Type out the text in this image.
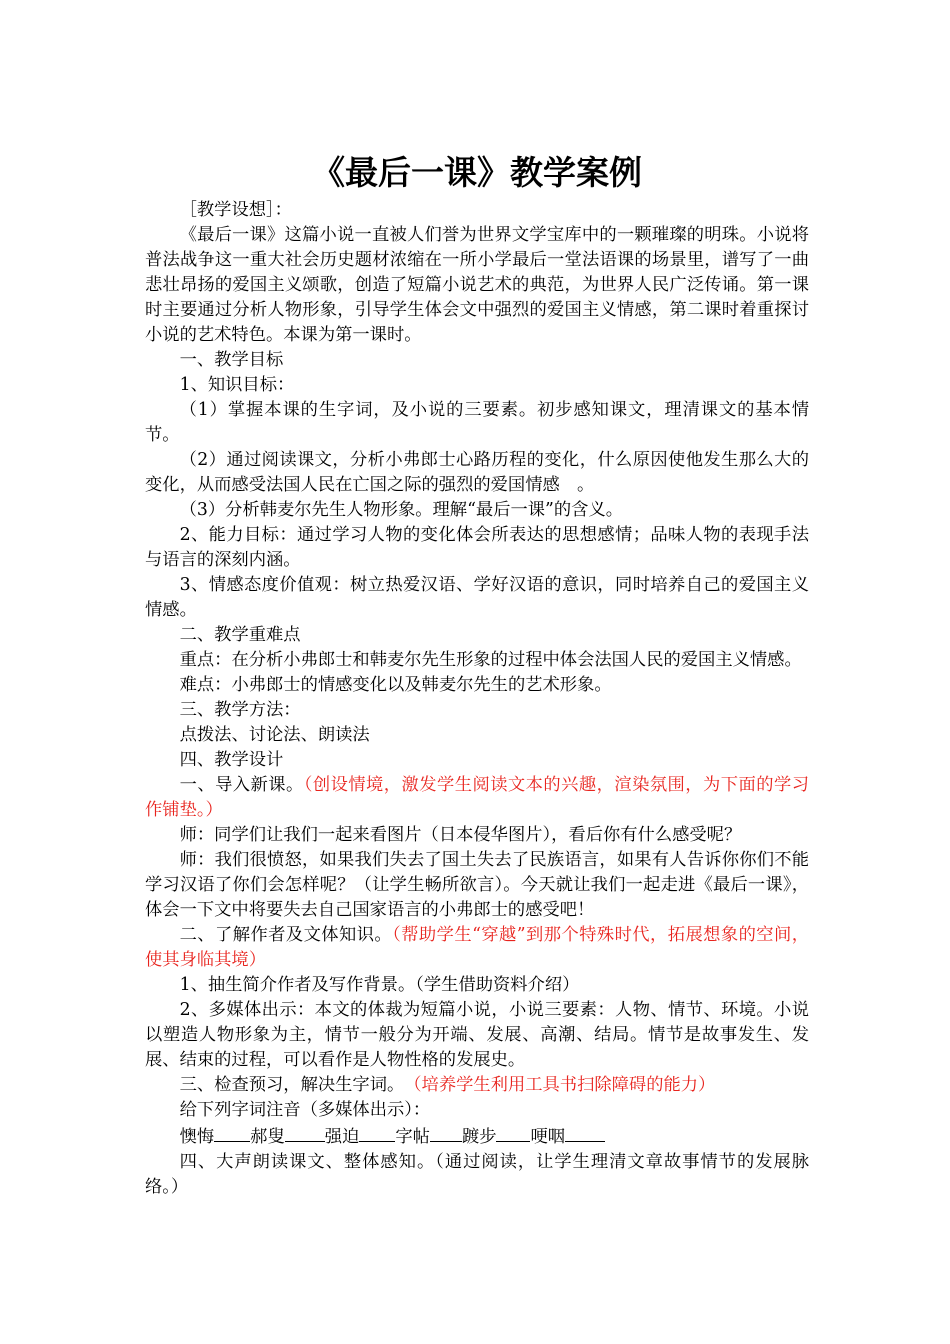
《最后一课》教学案例

［教学设想］：

《最后一课》这篇小说一直被人们誉为世界文学宝库中的一颗璀璨的明珠。小说将普法战争这一重大社会历史题材浓缩在一所小学最后一堂法语课的场景里，谱写了一曲悲壮昂扬的爱国主义颂歌，创造了短篇小说艺术的典范，为世界人民广泛传诵。第一课时主要通过分析人物形象，引导学生体会文中强烈的爱国主义情感，第二课时着重探讨小说的艺术特色。本课为第一课时。

一、教学目标

1、知识目标：

（1）掌握本课的生字词，及小说的三要素。初步感知课文，理清课文的基本情节。

（2）通过阅读课文，分析小弗郎士心路历程的变化，什么原因使他发生那么大的变化，从而感受法国人民在亡国之际的强烈的爱国情感　。

（3）分析韩麦尔先生人物形象。理解“最后一课”的含义。

2、能力目标：通过学习人物的变化体会所表达的思想感情；品味人物的表现手法与语言的深刻内涵。

3、情感态度价值观：树立热爱汉语、学好汉语的意识，同时培养自己的爱国主义情感。

二、教学重难点

重点：在分析小弗郎士和韩麦尔先生形象的过程中体会法国人民的爱国主义情感。

难点：小弗郎士的情感变化以及韩麦尔先生的艺术形象。

三、教学方法：

点拨法、讨论法、朗读法

四、教学设计

一、导入新课。（创设情境，激发学生阅读文本的兴趣，渲染氛围，为下面的学习作铺垫。）

师：同学们让我们一起来看图片（日本侵华图片），看后你有什么感受呢？

师：我们很愤怒，如果我们失去了国土失去了民族语言，如果有人告诉你你们不能学习汉语了你们会怎样呢？（让学生畅所欲言）。今天就让我们一起走进《最后一课》，体会一下文中将要失去自己国家语言的小弗郎士的感受吧！

二、了解作者及文体知识。（帮助学生“穿越”到那个特殊时代，拓展想象的空间，使其身临其境）

1、抽生简介作者及写作背景。（学生借助资料介绍）

2、多媒体出示：本文的体裁为短篇小说，小说三要素：人物、情节、环境。小说以塑造人物形象为主，情节一般分为开端、发展、高潮、结局。情节是故事发生、发展、结束的过程，可以看作是人物性格的发展史。

三、检查预习，解决生字词。　 （培养学生利用工具书扫除障碍的能力）

给下列字词注音（多媒体出示）：

懊悔 郝叟 强迫 字帖 踱步 哽咽

四、大声朗读课文、整体感知。（通过阅读，让学生理清文章故事情节的发展脉络。）
